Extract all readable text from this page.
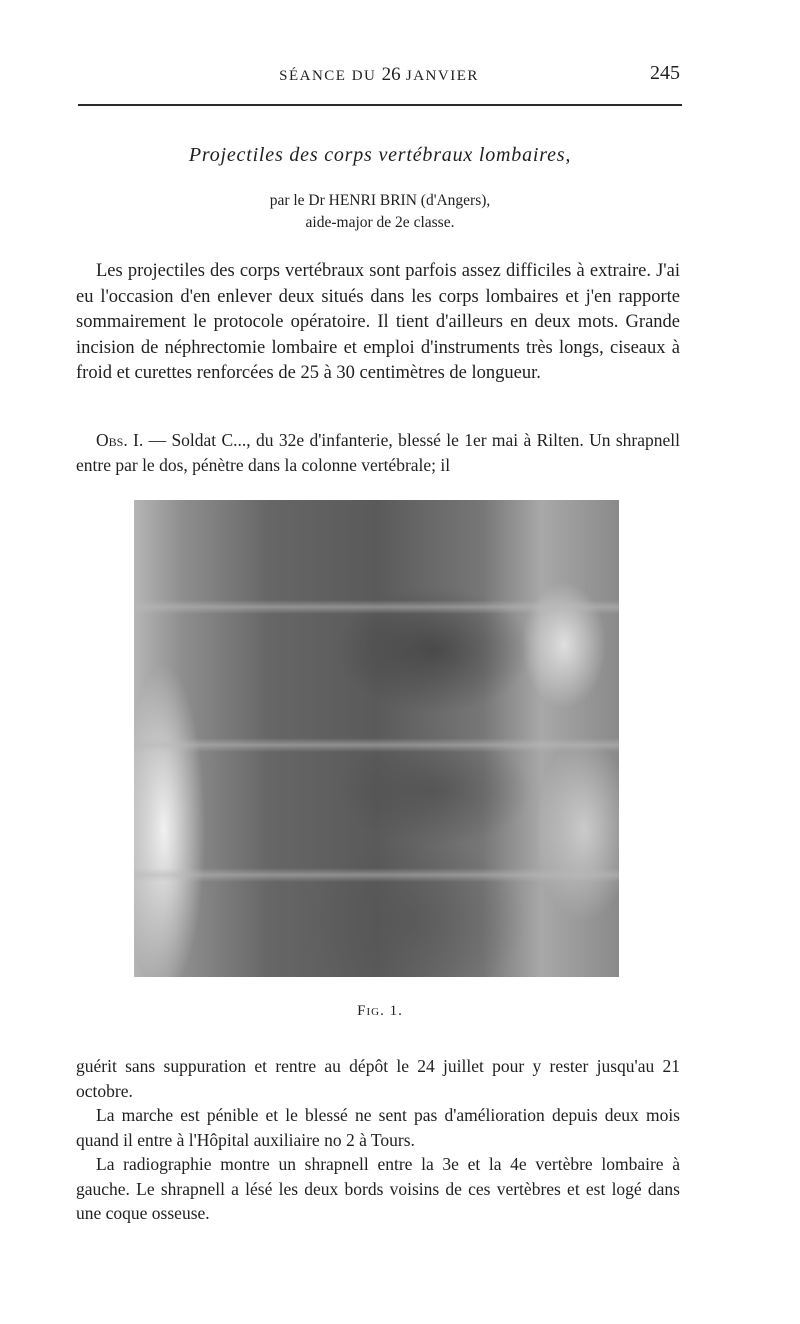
SÉANCE DU 26 JANVIER	245
Projectiles des corps vertébraux lombaires,
par le Dr HENRI BRIN (d'Angers),
aide-major de 2e classe.

Les projectiles des corps vertébraux sont parfois assez difficiles à extraire. J'ai eu l'occasion d'en enlever deux situés dans les corps lombaires et j'en rapporte sommairement le protocole opératoire. Il tient d'ailleurs en deux mots. Grande incision de néphrectomie lombaire et emploi d'instruments très longs, ciseaux à froid et curettes renforcées de 25 à 30 centimètres de longueur.

Obs. I. — Soldat C..., du 32e d'infanterie, blessé le 1er mai à Rilten. Un shrapnell entre par le dos, pénètre dans la colonne vertébrale; il

Fig. 1.

guérit sans suppuration et rentre au dépôt le 24 juillet pour y rester jusqu'au 21 octobre.

La marche est pénible et le blessé ne sent pas d'amélioration depuis deux mois quand il entre à l'Hôpital auxiliaire no 2 à Tours.

La radiographie montre un shrapnell entre la 3e et la 4e vertèbre lombaire à gauche. Le shrapnell a lésé les deux bords voisins de ces vertèbres et est logé dans une coque osseuse.
